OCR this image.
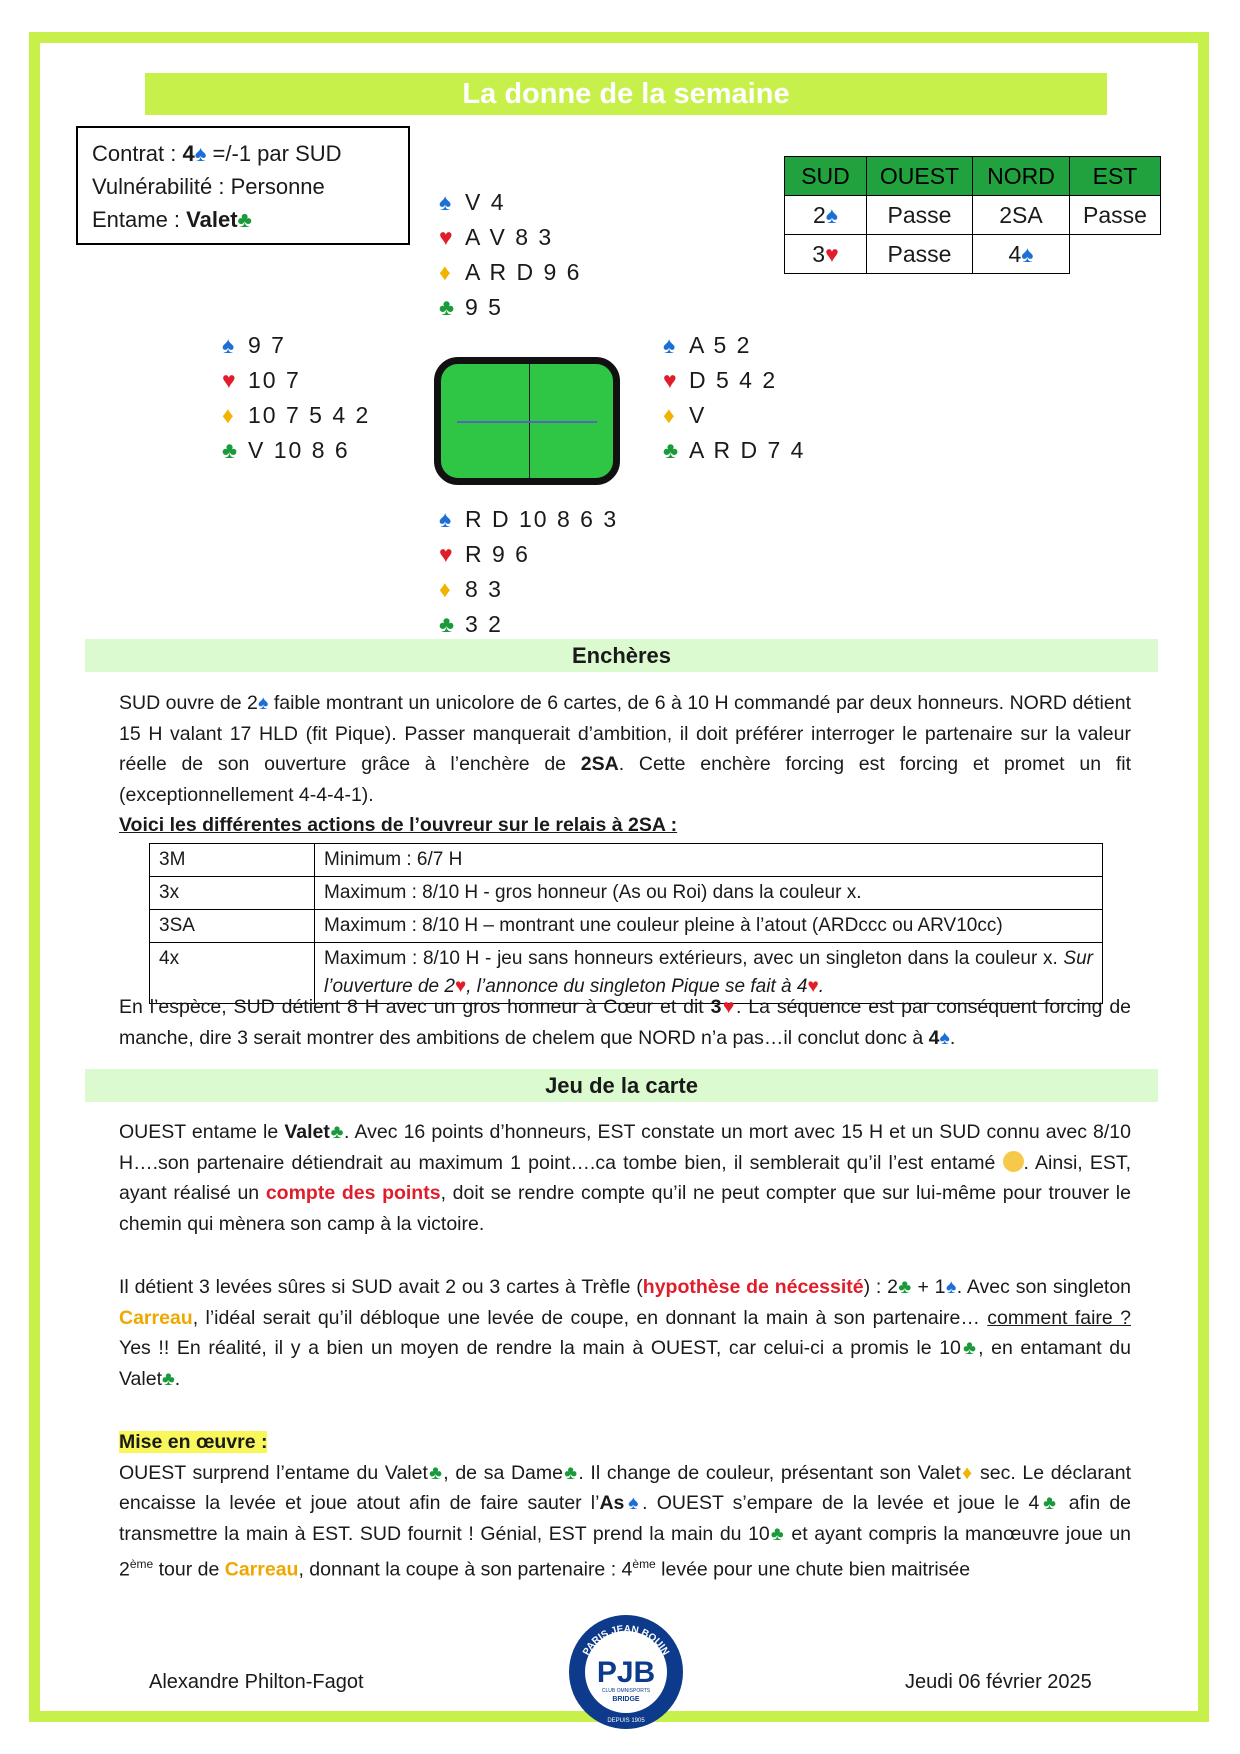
La donne de la semaine
Contrat : 4♠ =/-1 par SUD
Vulnérabilité : Personne
Entame : Valet♣
♠ V 4
♥ A V 8 3
♦ A R D 9 6
♣ 9 5
♠ 9 7
♥ 10 7
♦ 10 7 5 4 2
♣ V 10 8 6
♠ A 5 2
♥ D 5 4 2
♦ V
♣ A R D 7 4
♠ R D 10 8 6 3
♥ R 9 6
♦ 8 3
♣ 3 2
SUD	OUEST	NORD	EST
2♠	Passe	2SA	Passe
3♥	Passe	4♠	
Enchères

SUD ouvre de 2♠ faible montrant un unicolore de 6 cartes, de 6 à 10 H commandé par deux honneurs. NORD détient 15 H valant 17 HLD (fit Pique). Passer manquerait d’ambition, il doit préférer interroger le partenaire sur la valeur réelle de son ouverture grâce à l’enchère de 2SA. Cette enchère forcing est forcing et promet un fit (exceptionnellement 4-4-4-1).

Voici les différentes actions de l’ouvreur sur le relais à 2SA :

3M	Minimum : 6/7 H
3x	Maximum : 8/10 H - gros honneur (As ou Roi) dans la couleur x.
3SA	Maximum : 8/10 H – montrant une couleur pleine à l’atout (ARDccc ou ARV10cc)
4x	Maximum : 8/10 H - jeu sans honneurs extérieurs, avec un singleton dans la couleur x. Sur l’ouverture de 2♥, l’annonce du singleton Pique se fait à 4♥.

En l’espèce, SUD détient 8 H avec un gros honneur à Cœur et dit 3♥. La séquence est par conséquent forcing de manche, dire 3 serait montrer des ambitions de chelem que NORD n’a pas…il conclut donc à 4♠.

Jeu de la carte

OUEST entame le Valet♣. Avec 16 points d’honneurs, EST constate un mort avec 15 H et un SUD connu avec 8/10 H….son partenaire détiendrait au maximum 1 point….ca tombe bien, il semblerait qu’il l’est entamé . Ainsi, EST, ayant réalisé un compte des points, doit se rendre compte qu’il ne peut compter que sur lui-même pour trouver le chemin qui mènera son camp à la victoire.

Il détient 3 levées sûres si SUD avait 2 ou 3 cartes à Trèfle (hypothèse de nécessité) : 2♣ + 1♠. Avec son singleton Carreau, l’idéal serait qu’il débloque une levée de coupe, en donnant la main à son partenaire… comment faire ? Yes !! En réalité, il y a bien un moyen de rendre la main à OUEST, car celui-ci a promis le 10♣, en entamant du Valet♣.

Mise en œuvre :

OUEST surprend l’entame du Valet♣, de sa Dame♣. Il change de couleur, présentant son Valet♦ sec. Le déclarant encaisse la levée et joue atout afin de faire sauter l’As♠. OUEST s’empare de la levée et joue le 4♣ afin de transmettre la main à EST. SUD fournit ! Génial, EST prend la main du 10♣ et ayant compris la manœuvre joue un 2ème tour de Carreau, donnant la coupe à son partenaire : 4ème levée pour une chute bien maitrisée

Alexandre Philton-Fagot	Jeudi 06 février 2025
PARIS JEAN BOUIN
PJB
CLUB OMNISPORTS
BRIDGE
DEPUIS 1905
